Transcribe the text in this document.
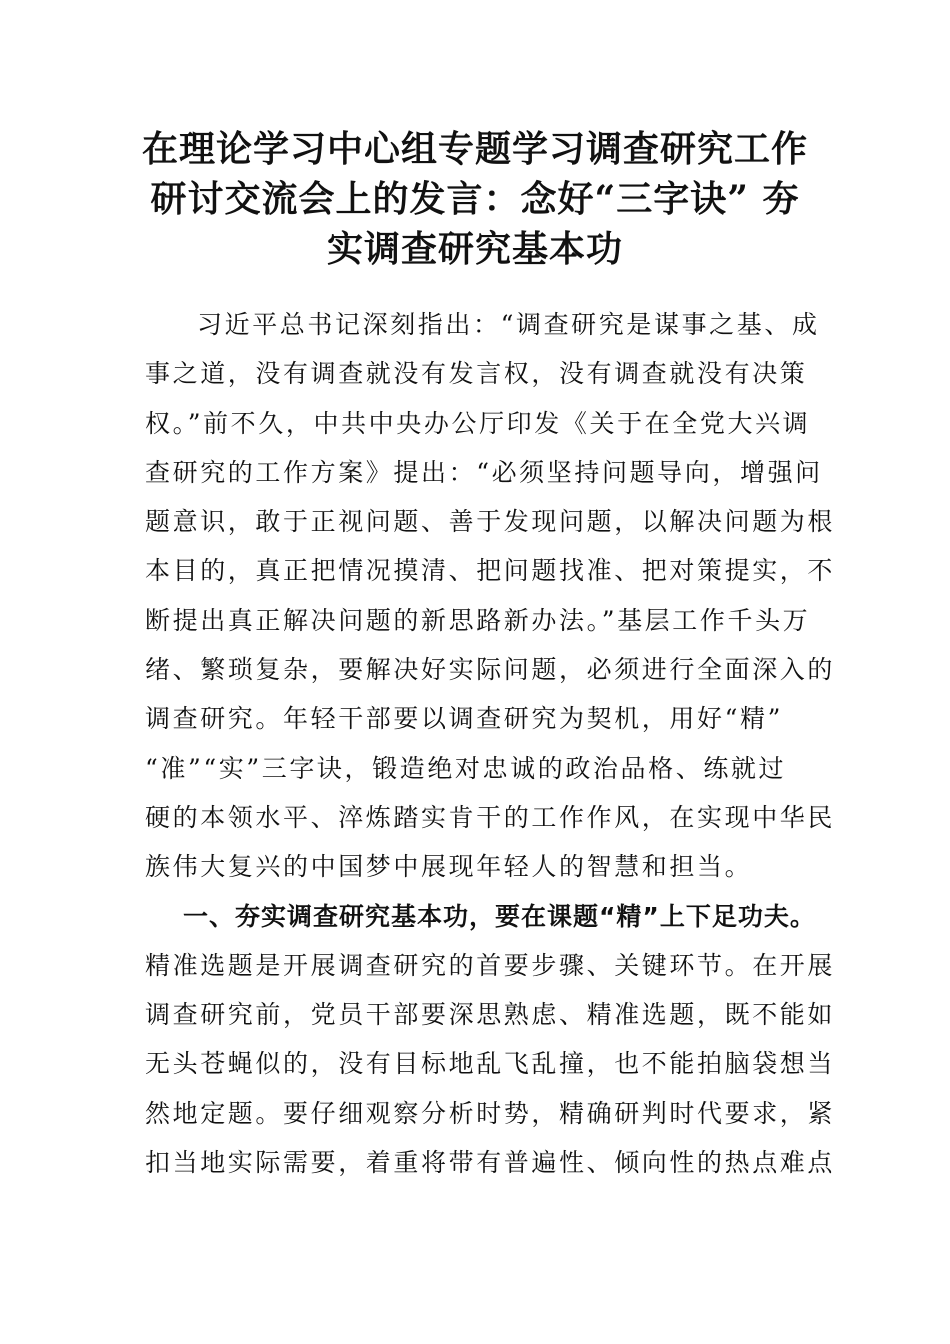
在理论学习中心组专题学习调查研究工作
研讨交流会上的发言：念好“三字诀” 夯
实调查研究基本功
习近平总书记深刻指出：“调查研究是谋事之基、成
事之道，没有调查就没有发言权，没有调查就没有决策
权。”前不久，中共中央办公厅印发《关于在全党大兴调
查研究的工作方案》提出：“必须坚持问题导向，增强问
题意识，敢于正视问题、善于发现问题，以解决问题为根
本目的，真正把情况摸清、把问题找准、把对策提实，不
断提出真正解决问题的新思路新办法。”基层工作千头万
绪、繁琐复杂，要解决好实际问题，必须进行全面深入的
调查研究。年轻干部要以调查研究为契机，用好“精”
“准”“实”三字诀，锻造绝对忠诚的政治品格、练就过
硬的本领水平、淬炼踏实肯干的工作作风，在实现中华民
族伟大复兴的中国梦中展现年轻人的智慧和担当。
一、夯实调查研究基本功，要在课题“精”上下足功夫。
精准选题是开展调查研究的首要步骤、关键环节。在开展
调查研究前，党员干部要深思熟虑、精准选题，既不能如
无头苍蝇似的，没有目标地乱飞乱撞，也不能拍脑袋想当
然地定题。要仔细观察分析时势，精确研判时代要求，紧
扣当地实际需要，着重将带有普遍性、倾向性的热点难点
